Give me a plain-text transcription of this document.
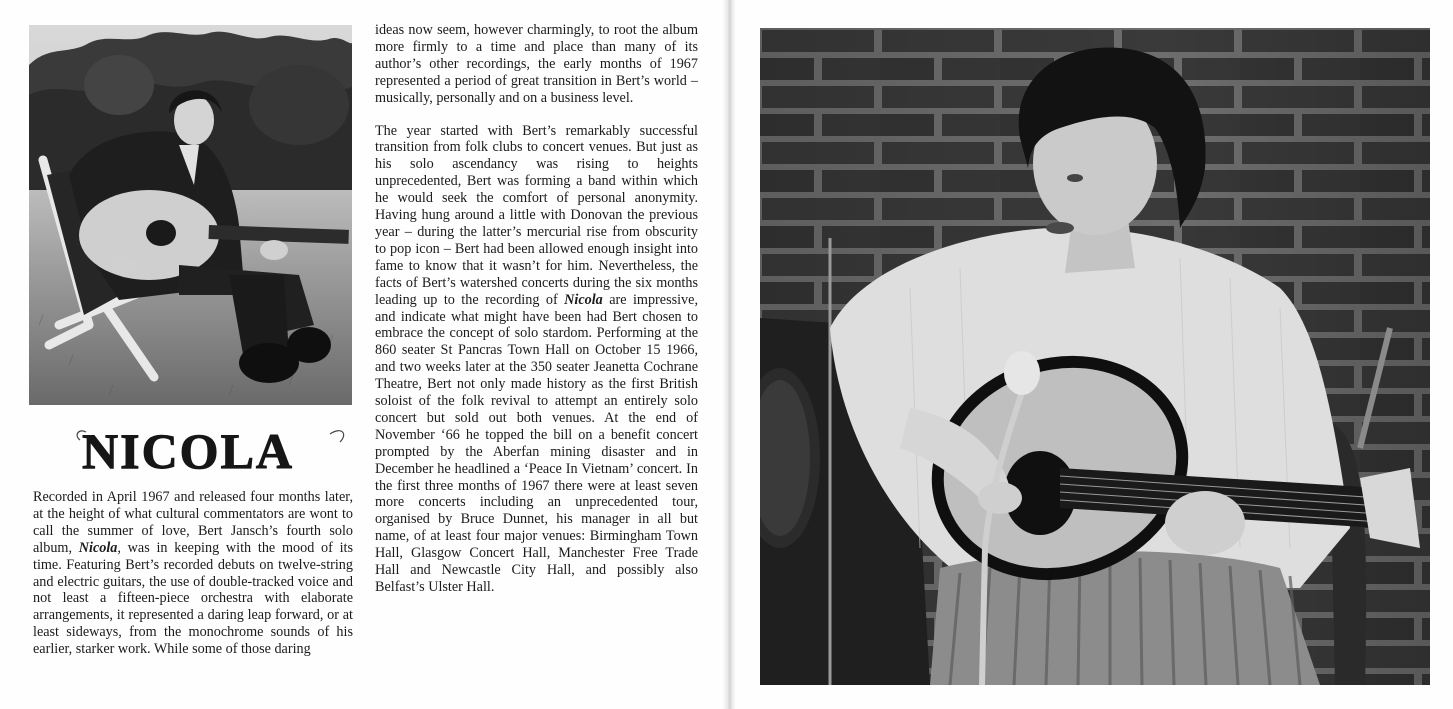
NICOLA

Recorded in April 1967 and released four months later, at the height of what cultural commentators are wont to call the summer of love, Bert Jansch’s fourth solo album, Nicola, was in keeping with the mood of its time. Featuring Bert’s recorded debuts on twelve-string and electric guitars, the use of double-tracked voice and not least a fifteen-piece orchestra with elaborate arrangements, it represented a daring leap forward, or at least sideways, from the monochrome sounds of his earlier, starker work. While some of those daring

ideas now seem, however charmingly, to root the album more firmly to a time and place than many of its author’s other recordings, the early months of 1967 represented a period of great transition in Bert’s world – musically, personally and on a business level.

The year started with Bert’s remarkably successful transition from folk clubs to concert venues. But just as his solo ascendancy was rising to heights unprecedented, Bert was forming a band within which he would seek the comfort of personal anonymity. Having hung around a little with Donovan the previous year – during the latter’s mercurial rise from obscurity to pop icon – Bert had been allowed enough insight into fame to know that it wasn’t for him. Nevertheless, the facts of Bert’s watershed concerts during the six months leading up to the recording of Nicola are impressive, and indicate what might have been had Bert chosen to embrace the concept of solo stardom. Performing at the 860 seater St Pancras Town Hall on October 15 1966, and two weeks later at the 350 seater Jeanetta Cochrane Theatre, Bert not only made history as the first British soloist of the folk revival to attempt an entirely solo concert but sold out both venues. At the end of November ‘66 he topped the bill on a benefit concert prompted by the Aberfan mining disaster and in December he headlined a ‘Peace In Vietnam’ concert. In the first three months of 1967 there were at least seven more concerts including an unprecedented tour, organised by Bruce Dunnet, his manager in all but name, of at least four major venues: Birmingham Town Hall, Glasgow Concert Hall, Manchester Free Trade Hall and Newcastle City Hall, and possibly also Belfast’s Ulster Hall.
